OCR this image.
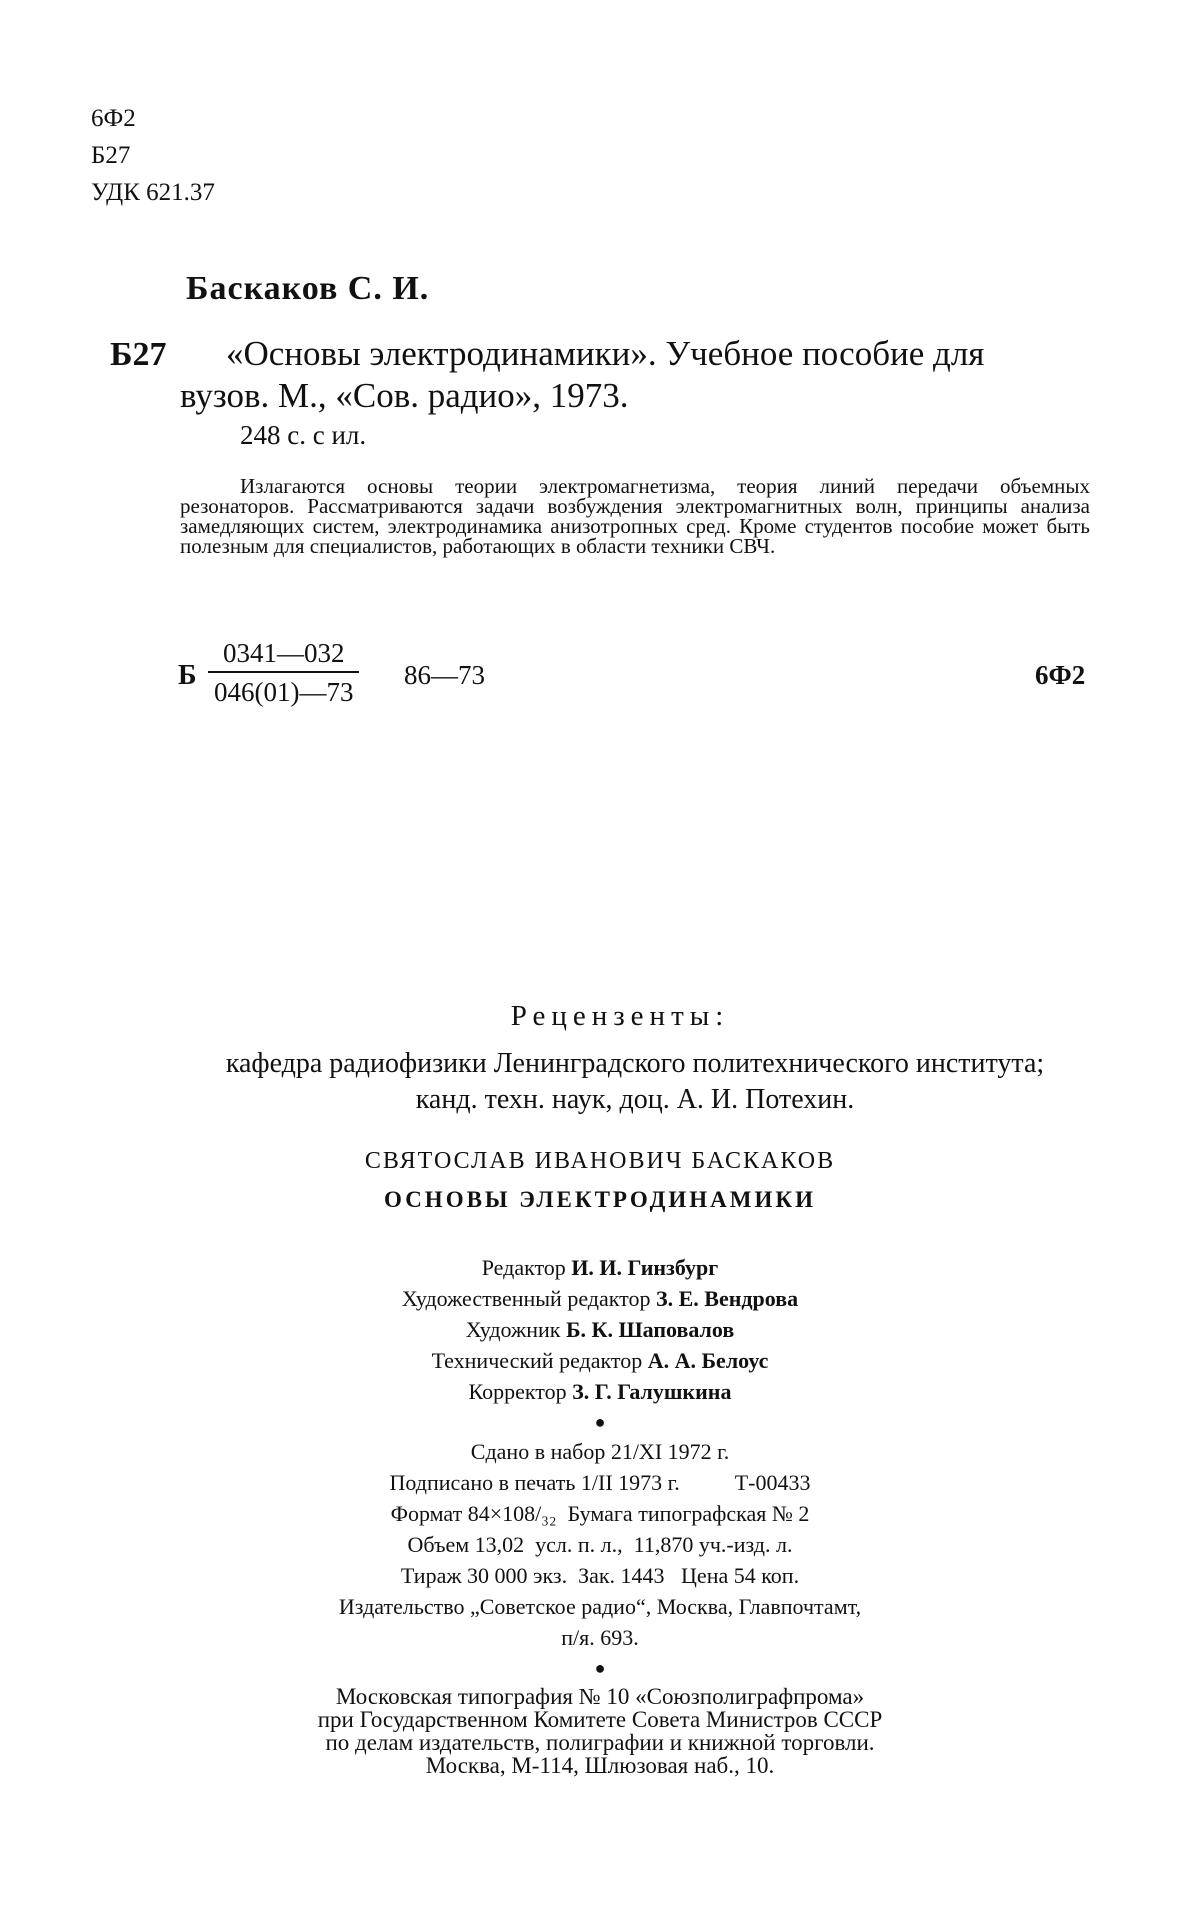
6Ф2
Б27
УДК 621.37
Баскаков С. И.
Б27 «Основы электродинамики». Учебное пособие для
вузов. М., «Сов. радио», 1973.
248 с. с ил.
Излагаются основы теории электромагнетизма, теория линий передачи объемных резонаторов. Рассматриваются задачи возбуждения электромагнитных волн, принципы анализа замедляющих систем, электродинамика анизотропных сред. Кроме студентов пособие может быть полезным для специалистов, работающих в области техники СВЧ.
Б $\frac{0341—032}{046(01)—73}$ 86—73	6Ф2
Рецензенты:
кафедра радиофизики Ленинградского политехнического института; канд. техн. наук, доц. А. И. Потехин.
СВЯТОСЛАВ ИВАНОВИЧ БАСКАКОВ
ОСНОВЫ ЭЛЕКТРОДИНАМИКИ
Редактор И. И. Гинзбург
Художественный редактор З. Е. Вендрова
Художник Б. К. Шаповалов
Технический редактор А. А. Белоус
Корректор З. Г. Галушкина
●
Сдано в набор 21/XI 1972 г.
Подписано в печать 1/II 1973 г.          Т-00433
Формат 84×108/₃₂  Бумага типографская № 2
Объем 13,02  усл. п. л.,  11,870 уч.-изд. л.
Тираж 30 000 экз.  Зак. 1443   Цена 54 коп.
Издательство „Советское радио“, Москва, Главпочтамт,
п/я. 693.
●
Московская типография № 10 «Союзполиграфпрома»
при Государственном Комитете Совета Министров СССР
по делам издательств, полиграфии и книжной торговли.
Москва, М-114, Шлюзовая наб., 10.
